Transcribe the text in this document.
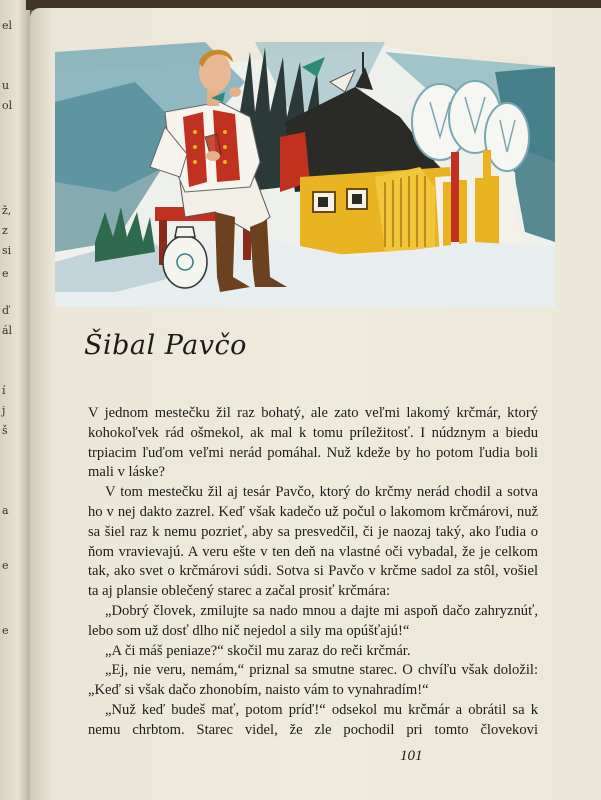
el
u
ol
ž,
z
si
e
ď
ál
í
j
š
a
e
e
Šibal Pavčo

V jednom mestečku žil raz bohatý, ale zato veľmi lakomý krčmár, ktorý kohokoľvek rád ošmekol, ak mal k tomu príležitosť. I núdznym a biedu trpiacim ľuďom veľmi nerád pomáhal. Nuž kdeže by ho potom ľudia boli mali v láske?

V tom mestečku žil aj tesár Pavčo, ktorý do krčmy nerád chodil a sotva ho v nej dakto zazrel. Keď však kadečo už počul o lakomom krčmárovi, nuž sa šiel raz k nemu pozrieť, aby sa presvedčil, či je naozaj taký, ako ľudia o ňom vravievajú. A veru ešte v ten deň na vlastné oči vybadal, že je celkom tak, ako svet o krčmárovi súdi. Sotva si Pavčo v krčme sadol za stôl, vošiel ta aj plansie oblečený starec a začal prosiť krčmára:

„Dobrý človek, zmilujte sa nado mnou a dajte mi aspoň dačo zahryznúť, lebo som už dosť dlho nič nejedol a sily ma opúšťajú!“

„A či máš peniaze?“ skočil mu zaraz do reči krčmár.

„Ej, nie veru, nemám,“ priznal sa smutne starec. O chvíľu však doložil: „Keď si však dačo zhonobím, naisto vám to vynahradím!“

„Nuž keď budeš mať, potom príď!“ odsekol mu krčmár a obrátil sa k nemu chrbtom. Starec videl, že zle pochodil pri tomto človekovi

101
